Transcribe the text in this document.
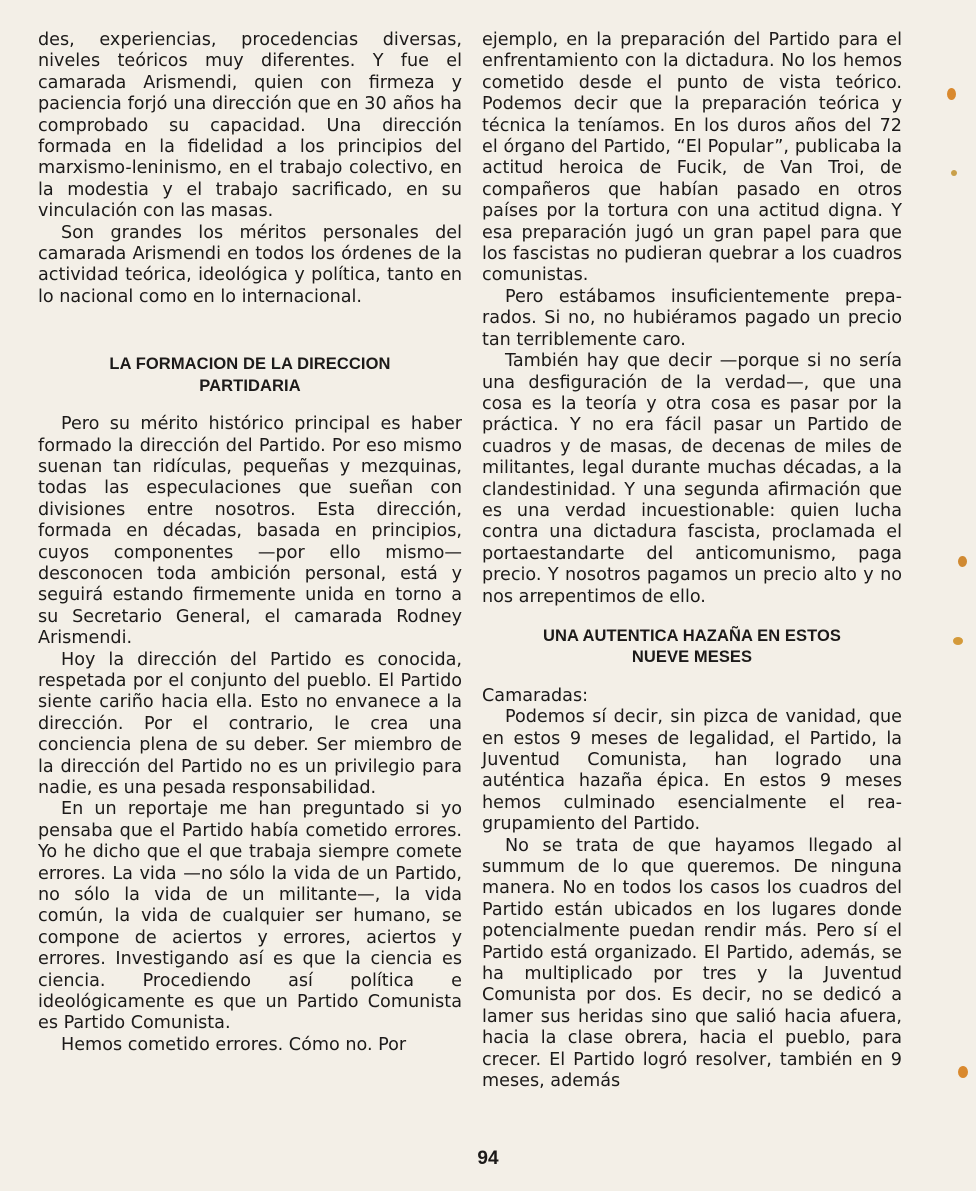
des, experiencias, procedencias diversas, niveles teóricos muy diferentes. Y fue el camarada Arismendi, quien con firmeza y paciencia forjó una dirección que en 30 años ha comprobado su capacidad. Una dirección formada en la fidelidad a los principios del marxismo-leninismo, en el trabajo colectivo, en la modestia y el trabajo sacrificado, en su vinculación con las masas.

Son grandes los méritos personales del camarada Arismendi en todos los órdenes de la actividad teórica, ideológica y política, tanto en lo nacional como en lo internacional.

LA FORMACION DE LA DIRECCION
PARTIDARIA

Pero su mérito histórico principal es haber formado la dirección del Partido. Por eso mismo suenan tan ridículas, pequeñas y mezquinas, todas las especulaciones que sueñan con divisiones entre nosotros. Esta dirección, formada en décadas, basada en principios, cuyos componentes —por ello mismo— desconocen toda ambición personal, está y seguirá estando firmemente unida en torno a su Secretario General, el camarada Rodney Arismendi.

Hoy la dirección del Partido es conocida, respetada por el conjunto del pueblo. El Partido siente cariño hacia ella. Esto no envanece a la dirección. Por el contrario, le crea una conciencia plena de su deber. Ser miembro de la dirección del Partido no es un privilegio para nadie, es una pesada responsabilidad.

En un reportaje me han preguntado si yo pensaba que el Partido había cometido errores. Yo he dicho que el que trabaja siempre comete errores. La vida —no sólo la vida de un Partido, no sólo la vida de un militante—, la vida común, la vida de cualquier ser humano, se compone de aciertos y errores, aciertos y errores. Investigando así es que la ciencia es ciencia. Procediendo así política e ideológicamente es que un Partido Comunista es Partido Comunista.

Hemos cometido errores. Cómo no. Por

ejemplo, en la preparación del Partido para el enfrentamiento con la dictadura. No los hemos cometido desde el punto de vista teórico. Podemos decir que la preparación teórica y técnica la teníamos. En los duros años del 72 el órgano del Partido, “El Popular”, publicaba la actitud heroica de Fucik, de Van Troi, de compañeros que habían pasado en otros países por la tortura con una actitud digna. Y esa preparación jugó un gran papel para que los fascistas no pudieran quebrar a los cuadros comunistas.

Pero estábamos insuficientemente preparados. Si no, no hubiéramos pagado un precio tan terriblemente caro.

También hay que decir —porque si no sería una desfiguración de la verdad—, que una cosa es la teoría y otra cosa es pasar por la práctica. Y no era fácil pasar un Partido de cuadros y de masas, de decenas de miles de militantes, legal durante muchas décadas, a la clandestinidad. Y una segunda afirmación que es una verdad incuestionable: quien lucha contra una dictadura fascista, proclamada el portaestandarte del anticomunismo, paga precio. Y nosotros pagamos un precio alto y no nos arrepentimos de ello.

UNA AUTENTICA HAZAÑA EN ESTOS
NUEVE MESES

Camaradas:

Podemos sí decir, sin pizca de vanidad, que en estos 9 meses de legalidad, el Partido, la Juventud Comunista, han logrado una auténtica hazaña épica. En estos 9 meses hemos culminado esencialmente el reagrupamiento del Partido.

No se trata de que hayamos llegado al summum de lo que queremos. De ninguna manera. No en todos los casos los cuadros del Partido están ubicados en los lugares donde potencialmente puedan rendir más. Pero sí el Partido está organizado. El Partido, además, se ha multiplicado por tres y la Juventud Comunista por dos. Es decir, no se dedicó a lamer sus heridas sino que salió hacia afuera, hacia la clase obrera, hacia el pueblo, para crecer. El Partido logró resolver, también en 9 meses, además

94
